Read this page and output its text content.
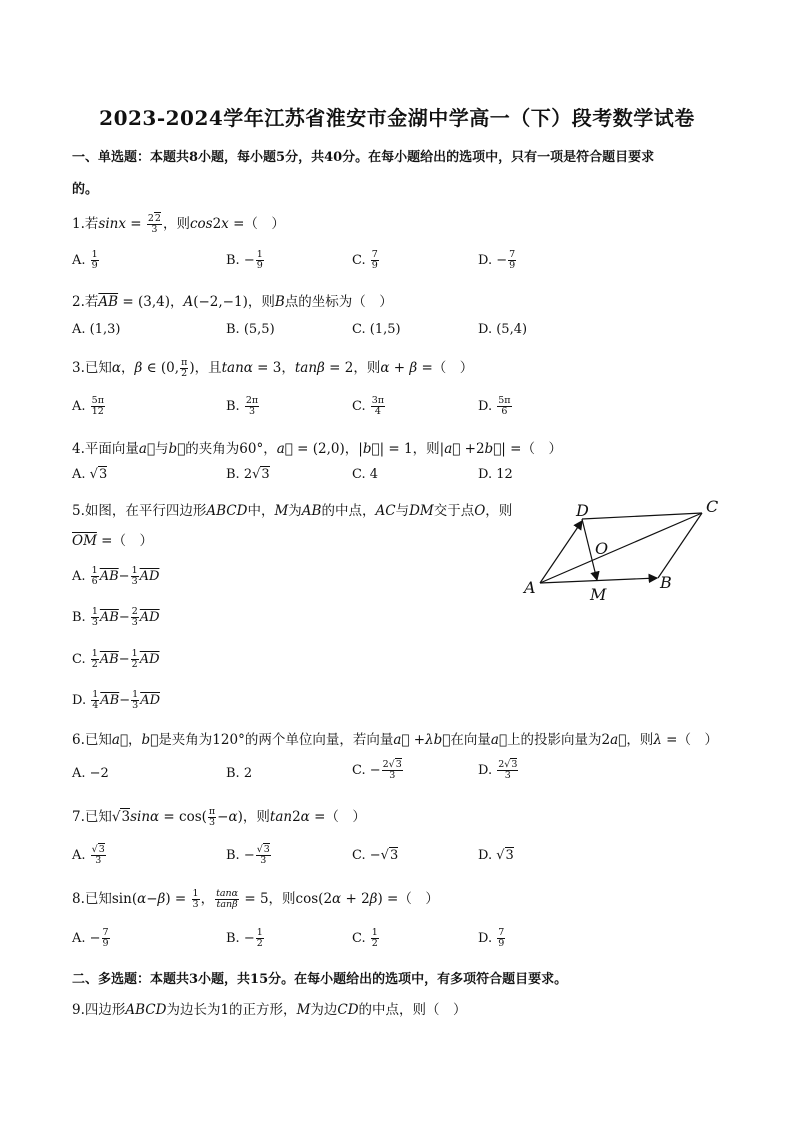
2023-2024学年江苏省淮安市金湖中学高一（下）段考数学试卷
一、单选题：本题共8小题，每小题5分，共40分。在每小题给出的选项中，只有一项是符合题目要求
的。
1.若$\sin x = \frac{22}{3}$ ，则cos2x =（　）
A. $\frac{1}{9}$	B. − $\frac{1}{9}$	C. $\frac{7}{9}$	D. − $\frac{7}{9}$
2.若$\overline{AB} = (3,4)$，A(−2,−1)，则B点的坐标为（　）
A. (1,3)	B. (5,5)	C. (1,5)	D. (5,4)
3.已知α，β ∈ (0, $\frac{\pi}{2}$ )，且tanα = 3，tanβ = 2，则α + β =（　）
A. $\frac{5\pi}{12}$	B. $\frac{2\pi}{3}$	C. $\frac{3\pi}{4}$	D. $\frac{5\pi}{6}$
4.平面向量a⃗与b⃗的夹角为60°，a⃗ = (2,0)，|b⃗| = 1，则|a⃗ +2b⃗| =（　）
A. √3	B. 2√3	C. 4	D. 12
5.如图，在平行四边形ABCD中，M为AB的中点，AC与DM交于点O，则
$\overline{OM}$ =（　）
A. $\frac{1}{6} \overline{AB}- \frac{1}{3} \overline{AD}$
B. $\frac{1}{3} \overline{AB}- \frac{2}{3} \overline{AD}$
C. $\frac{1}{2} \overline{AB}- \frac{1}{2} \overline{AD}$
D. $\frac{1}{4} \overline{AB}- \frac{1}{3} \overline{AD}$
D	C
O
A	B
M
6.已知a⃗，b⃗是夹角为120°的两个单位向量，若向量a⃗ +λb⃗在向量a⃗上的投影向量为2a⃗，则λ =（　）
A. −2	B. 2	C. − $\frac{2√3}{3}$	D. $\frac{2√3}{3}$
7.已知$√3\sin\alpha = \cos( \frac{\pi}{3} -\alpha)$，则tan2α =（　）
A. $\frac{√3}{3}$	B. − $\frac{√3}{3}$	C. −√3	D. √3
8.已知$\sin(\alpha-\beta) = \frac{1}{3}$ ， $\frac{\tan\alpha}{\tan\beta} = 5$，则cos(2α + 2β) =（　）
A. − $\frac{7}{9}$	B. − $\frac{1}{2}$	C. $\frac{1}{2}$	D. $\frac{7}{9}$
二、多选题：本题共3小题，共15分。在每小题给出的选项中，有多项符合题目要求。
9.四边形ABCD为边长为1的正方形，M为边CD的中点，则（　）
